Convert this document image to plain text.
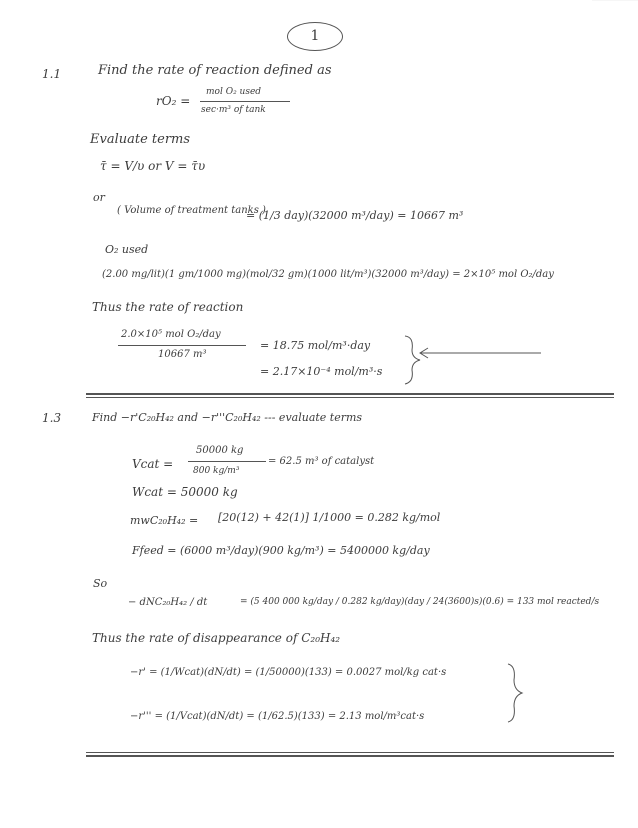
1
1.1	Find the rate of reaction defined as
rO₂ =
mol O₂ used
sec·m³ of tank
Evaluate terms
τ̄ = V/υ or V = τ̄υ
or
( Volume of treatment tanks )
= (1/3 day)(32000 m³/day) = 10667 m³
O₂ used
(2.00 mg/lit)(1 gm/1000 mg)(mol/32 gm)(1000 lit/m³)(32000 m³/day) = 2×10⁵ mol O₂/day
Thus the rate of reaction
2.0×10⁵ mol O₂/day
10667 m³
= 18.75 mol/m³·day
= 2.17×10⁻⁴ mol/m³·s
1.3	Find −r'C₂₀H₄₂ and −r'''C₂₀H₄₂ --- evaluate terms
Vcat =
50000 kg
800 kg/m³
= 62.5 m³ of catalyst
Wcat = 50000 kg
mwC₂₀H₄₂ = [20(12) + 42(1)] 1/1000 = 0.282 kg/mol
Ffeed = (6000 m³/day)(900 kg/m³) = 5400000 kg/day
So
− dNC₂₀H₄₂ / dt	= (5 400 000 kg/day / 0.282 kg/day)(day / 24(3600)s)(0.6) = 133 mol reacted/s
Thus the rate of disappearance of C₂₀H₄₂
−r' = (1/Wcat)(dN/dt) = (1/50000)(133) = 0.0027 mol/kg cat·s
−r''' = (1/Vcat)(dN/dt) = (1/62.5)(133) = 2.13 mol/m³cat·s
